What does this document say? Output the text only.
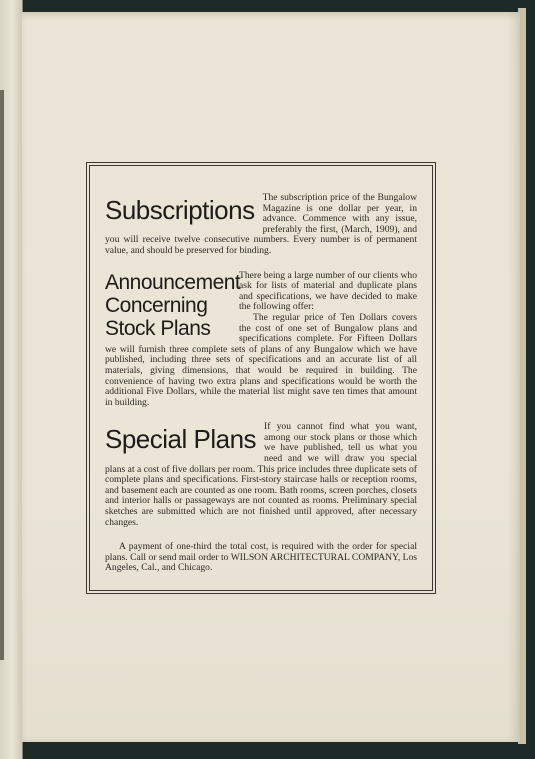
Subscriptions The subscription price of the Bungalow Magazine is one dollar per year, in advance. Commence with any issue, preferably the first, (March, 1909), and you will receive twelve consecutive numbers. Every number is of permanent value, and should be preserved for binding.

Announcement Concerning Stock Plans

There being a large number of our clients who ask for lists of material and duplicate plans and specifications, we have decided to make the following offer:

The regular price of Ten Dollars covers the cost of one set of Bungalow plans and specifications complete. For Fifteen Dollars we will furnish three complete sets of plans of any Bungalow which we have published, including three sets of specifications and an accurate list of all materials, giving dimensions, that would be required in building. The convenience of having two extra plans and specifications would be worth the additional Five Dollars, while the material list might save ten times that amount in building.

Special Plans If you cannot find what you want, among our stock plans or those which we have published, tell us what you need and we will draw you special plans at a cost of five dollars per room. This price includes three duplicate sets of complete plans and specifications. First-story staircase halls or reception rooms, and basement each are counted as one room. Bath rooms, screen porches, closets and interior halls or passageways are not counted as rooms. Preliminary special sketches are submitted which are not finished until approved, after necessary changes.

A payment of one-third the total cost, is required with the order for special plans. Call or send mail order to WILSON ARCHITECTURAL COMPANY, Los Angeles, Cal., and Chicago.
